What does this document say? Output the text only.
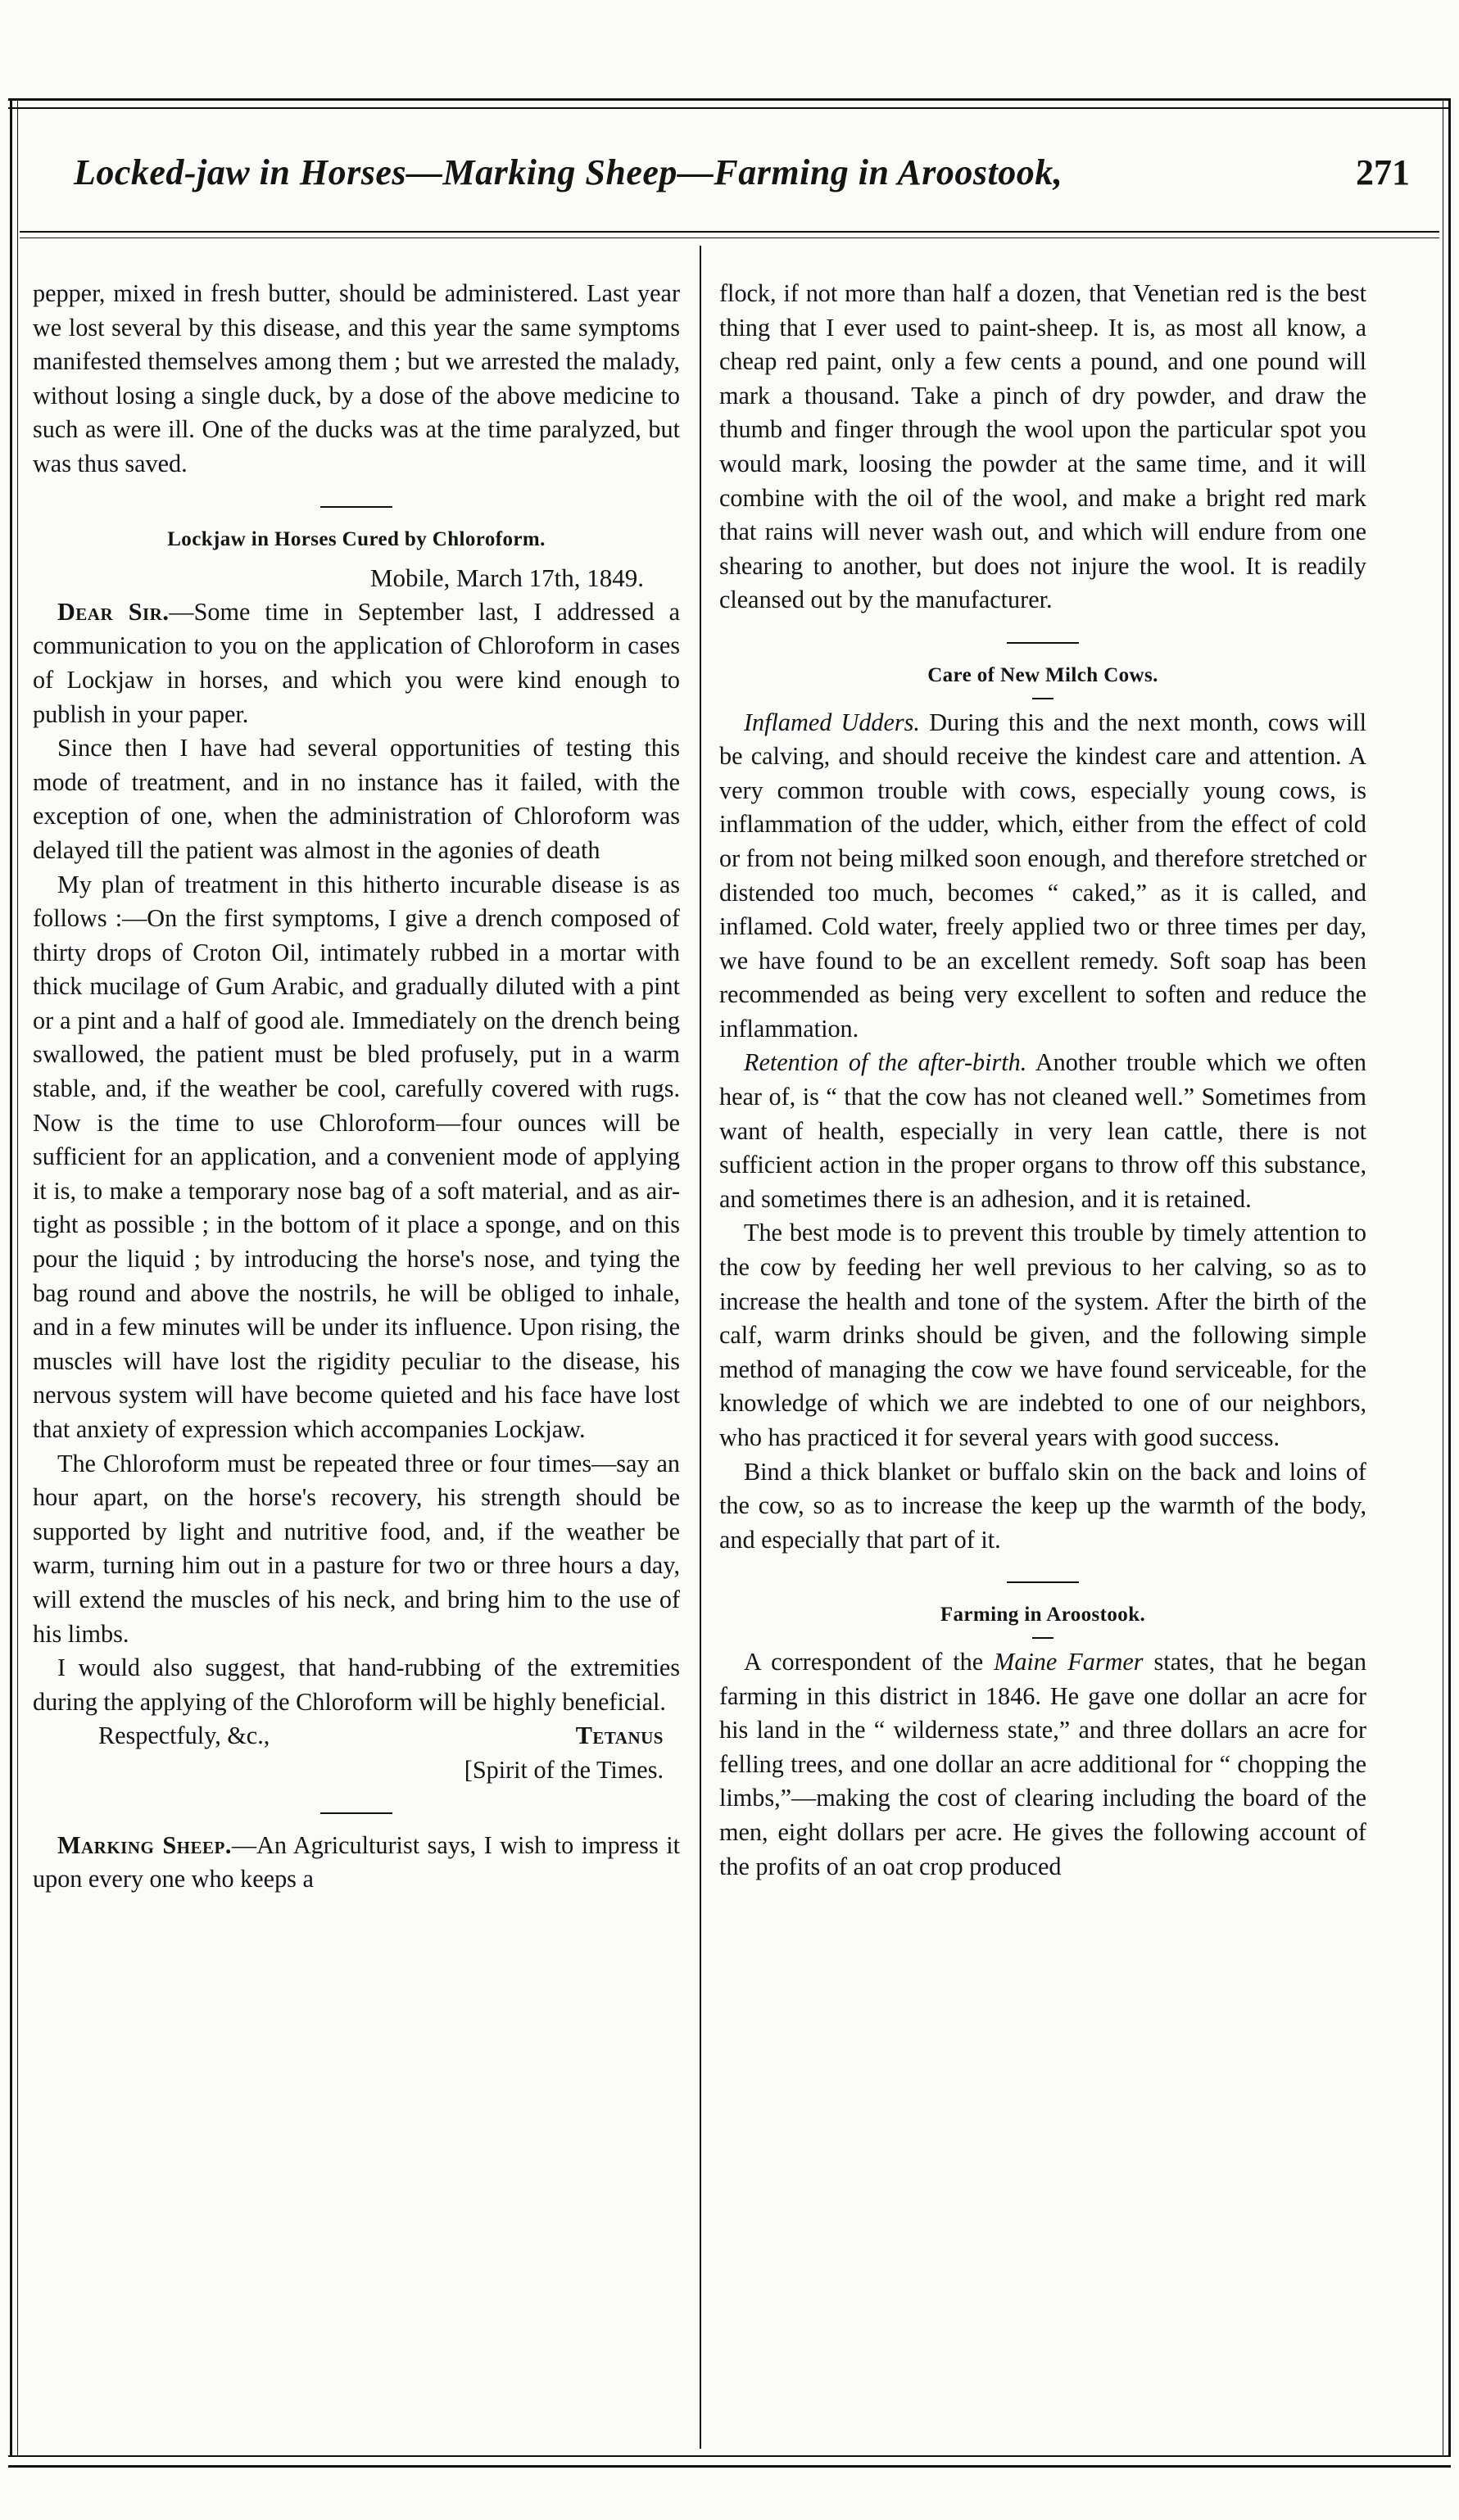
Locked-jaw in Horses—Marking Sheep—Farming in Aroostook,	271

pepper, mixed in fresh butter, should be administered. Last year we lost several by this disease, and this year the same symptoms manifested themselves among them ; but we arrested the malady, without losing a single duck, by a dose of the above medicine to such as were ill. One of the ducks was at the time paralyzed, but was thus saved.

Lockjaw in Horses Cured by Chloroform.
Mobile, March 17th, 1849.

Dear Sir.—Some time in September last, I addressed a communication to you on the application of Chloroform in cases of Lockjaw in horses, and which you were kind enough to publish in your paper.

Since then I have had several opportunities of testing this mode of treatment, and in no instance has it failed, with the exception of one, when the administration of Chloroform was delayed till the patient was almost in the agonies of death

My plan of treatment in this hitherto incurable disease is as follows :—On the first symptoms, I give a drench composed of thirty drops of Croton Oil, intimately rubbed in a mortar with thick mucilage of Gum Arabic, and gradually diluted with a pint or a pint and a half of good ale. Immediately on the drench being swallowed, the patient must be bled profusely, put in a warm stable, and, if the weather be cool, carefully covered with rugs. Now is the time to use Chloroform—four ounces will be sufficient for an application, and a convenient mode of applying it is, to make a temporary nose bag of a soft material, and as air-tight as possible ; in the bottom of it place a sponge, and on this pour the liquid ; by introducing the horse's nose, and tying the bag round and above the nostrils, he will be obliged to inhale, and in a few minutes will be under its influence. Upon rising, the muscles will have lost the rigidity peculiar to the disease, his nervous system will have become quieted and his face have lost that anxiety of expression which accompanies Lockjaw.

The Chloroform must be repeated three or four times—say an hour apart, on the horse's recovery, his strength should be supported by light and nutritive food, and, if the weather be warm, turning him out in a pasture for two or three hours a day, will extend the muscles of his neck, and bring him to the use of his limbs.

I would also suggest, that hand-rubbing of the extremities during the applying of the Chloroform will be highly beneficial.

Respectfuly, &c.,	Tetanus
[Spirit of the Times.

Marking Sheep.—An Agriculturist says, I wish to impress it upon every one who keeps a

flock, if not more than half a dozen, that Venetian red is the best thing that I ever used to paint-sheep. It is, as most all know, a cheap red paint, only a few cents a pound, and one pound will mark a thousand. Take a pinch of dry powder, and draw the thumb and finger through the wool upon the particular spot you would mark, loosing the powder at the same time, and it will combine with the oil of the wool, and make a bright red mark that rains will never wash out, and which will endure from one shearing to another, but does not injure the wool. It is readily cleansed out by the manufacturer.

Care of New Milch Cows.

Inflamed Udders. During this and the next month, cows will be calving, and should receive the kindest care and attention. A very common trouble with cows, especially young cows, is inflammation of the udder, which, either from the effect of cold or from not being milked soon enough, and therefore stretched or distended too much, becomes “ caked,” as it is called, and inflamed. Cold water, freely applied two or three times per day, we have found to be an excellent remedy. Soft soap has been recommended as being very excellent to soften and reduce the inflammation.

Retention of the after-birth. Another trouble which we often hear of, is “ that the cow has not cleaned well.” Sometimes from want of health, especially in very lean cattle, there is not sufficient action in the proper organs to throw off this substance, and sometimes there is an adhesion, and it is retained.

The best mode is to prevent this trouble by timely attention to the cow by feeding her well previous to her calving, so as to increase the health and tone of the system. After the birth of the calf, warm drinks should be given, and the following simple method of managing the cow we have found serviceable, for the knowledge of which we are indebted to one of our neighbors, who has practiced it for several years with good success.

Bind a thick blanket or buffalo skin on the back and loins of the cow, so as to increase the keep up the warmth of the body, and especially that part of it.

Farming in Aroostook.

A correspondent of the Maine Farmer states, that he began farming in this district in 1846. He gave one dollar an acre for his land in the “ wilderness state,” and three dollars an acre for felling trees, and one dollar an acre additional for “ chopping the limbs,”—making the cost of clearing including the board of the men, eight dollars per acre. He gives the following account of the profits of an oat crop produced
